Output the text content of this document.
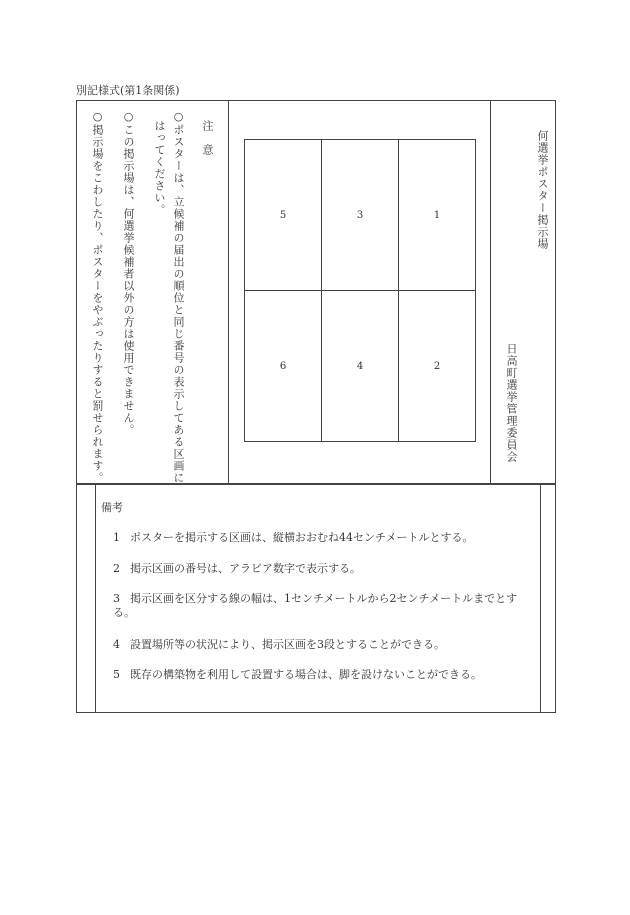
別記様式(第1条関係)
注　意
○ポスターは、立候補の届出の順位と同じ番号の表示してある区画に
はってください。
○この掲示場は、何選挙候補者以外の方は使用できません。
○掲示場をこわしたり、ポスターをやぶったりすると罰せられます。	5	3	1
6	4	2
何選挙ポスター掲示場
日高町選挙管理委員会
備考
1 ポスターを掲示する区画は、縦横おおむね44センチメートルとする。
2 掲示区画の番号は、アラビア数字で表示する。
3 掲示区画を区分する線の幅は、1センチメートルから2センチメートルまでとする。
4 設置場所等の状況により、掲示区画を3段とすることができる。
5 既存の構築物を利用して設置する場合は、脚を設けないことができる。
